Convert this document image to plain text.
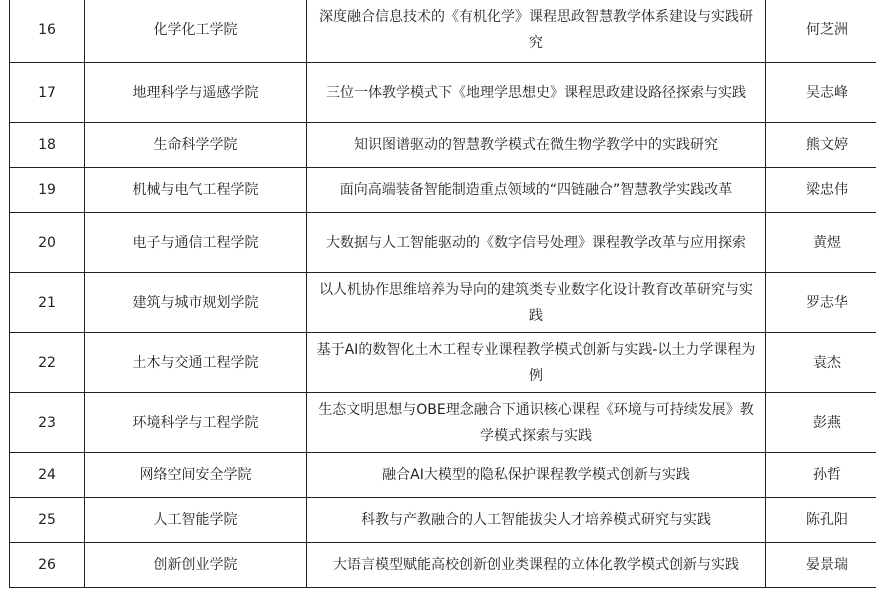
16	化学化工学院	深度融合信息技术的《有机化学》课程思政智慧教学体系建设与实践研究	何芝洲
17	地理科学与遥感学院	三位一体教学模式下《地理学思想史》课程思政建设路径探索与实践	吴志峰
18	生命科学学院	知识图谱驱动的智慧教学模式在微生物学教学中的实践研究	熊文婷
19	机械与电气工程学院	面向高端装备智能制造重点领域的“四链融合”智慧教学实践改革	梁忠伟
20	电子与通信工程学院	大数据与人工智能驱动的《数字信号处理》课程教学改革与应用探索	黄煜
21	建筑与城市规划学院	以人机协作思维培养为导向的建筑类专业数字化设计教育改革研究与实践	罗志华
22	土木与交通工程学院	基于AI的数智化土木工程专业课程教学模式创新与实践-以土力学课程为例	袁杰
23	环境科学与工程学院	生态文明思想与OBE理念融合下通识核心课程《环境与可持续发展》教学模式探索与实践	彭燕
24	网络空间安全学院	融合AI大模型的隐私保护课程教学模式创新与实践	孙哲
25	人工智能学院	科教与产教融合的人工智能拔尖人才培养模式研究与实践	陈孔阳
26	创新创业学院	大语言模型赋能高校创新创业类课程的立体化教学模式创新与实践	晏景瑞
